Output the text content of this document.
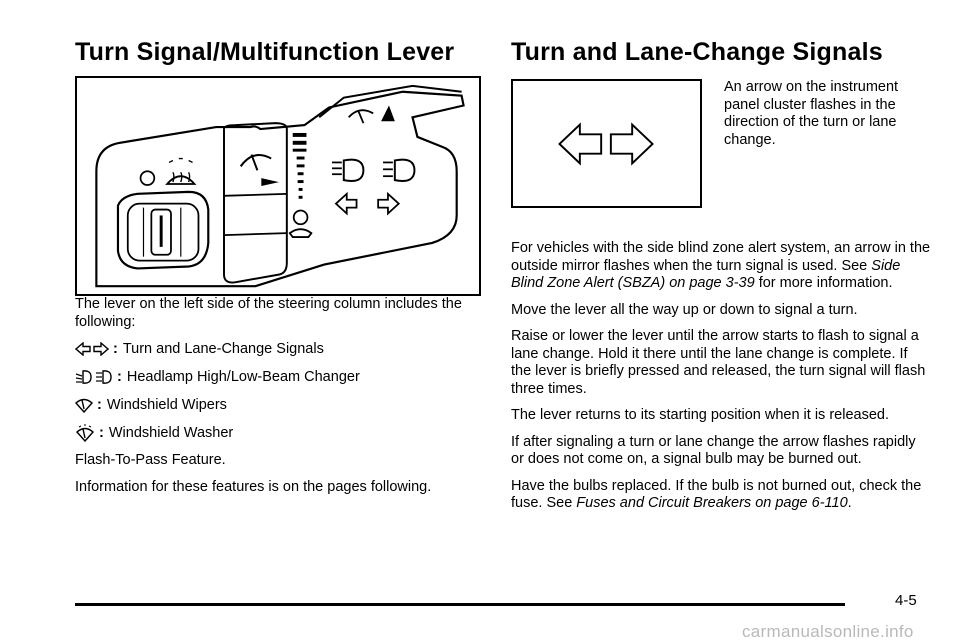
Turn Signal/Multifunction Lever

The lever on the left side of the steering column includes the following:

: Turn and Lane-Change Signals
: Headlamp High/Low-Beam Changer
: Windshield Wipers
: Windshield Washer

Flash-To-Pass Feature.

Information for these features is on the pages following.

Turn and Lane-Change Signals

An arrow on the instrument panel cluster flashes in the direction of the turn or lane change.

For vehicles with the side blind zone alert system, an arrow in the outside mirror flashes when the turn signal is used. See Side Blind Zone Alert (SBZA) on page 3-39 for more information.

Move the lever all the way up or down to signal a turn.

Raise or lower the lever until the arrow starts to flash to signal a lane change. Hold it there until the lane change is complete. If the lever is briefly pressed and released, the turn signal will flash three times.

The lever returns to its starting position when it is released.

If after signaling a turn or lane change the arrow flashes rapidly or does not come on, a signal bulb may be burned out.

Have the bulbs replaced. If the bulb is not burned out, check the fuse. See Fuses and Circuit Breakers on page 6-110.

4-5
carmanualsonline.info
